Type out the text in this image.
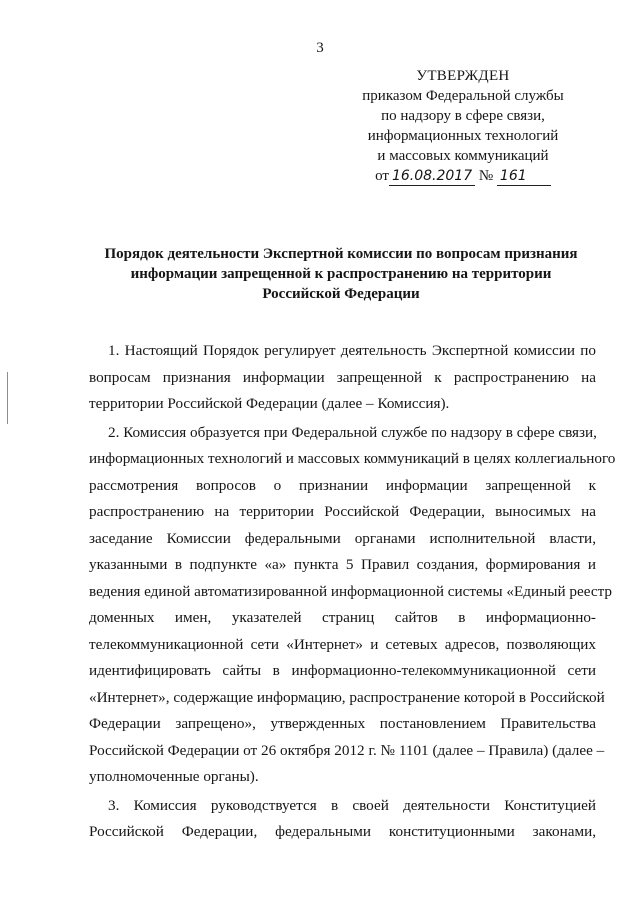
3
УТВЕРЖДЕН
приказом Федеральной службы
по надзору в сфере связи,
информационных технологий
и массовых коммуникаций
от 16.08.2017 № 161
Порядок деятельности Экспертной комиссии по вопросам признания
информации запрещенной к распространению на территории
Российской Федерации
1. Настоящий Порядок регулирует деятельность Экспертной комиссии по
вопросам признания информации запрещенной к распространению на
территории Российской Федерации (далее – Комиссия).
2. Комиссия образуется при Федеральной службе по надзору в сфере связи,
информационных технологий и массовых коммуникаций в целях коллегиального
рассмотрения вопросов о признании информации запрещенной к
распространению на территории Российской Федерации, выносимых на
заседание Комиссии федеральными органами исполнительной власти,
указанными в подпункте «а» пункта 5 Правил создания, формирования и
ведения единой автоматизированной информационной системы «Единый реестр
доменных имен, указателей страниц сайтов в информационно-
телекоммуникационной сети «Интернет» и сетевых адресов, позволяющих
идентифицировать сайты в информационно-телекоммуникационной сети
«Интернет», содержащие информацию, распространение которой в Российской
Федерации запрещено», утвержденных постановлением Правительства
Российской Федерации от 26 октября 2012 г. № 1101 (далее – Правила) (далее –
уполномоченные органы).
3. Комиссия руководствуется в своей деятельности Конституцией
Российской Федерации, федеральными конституционными законами,
